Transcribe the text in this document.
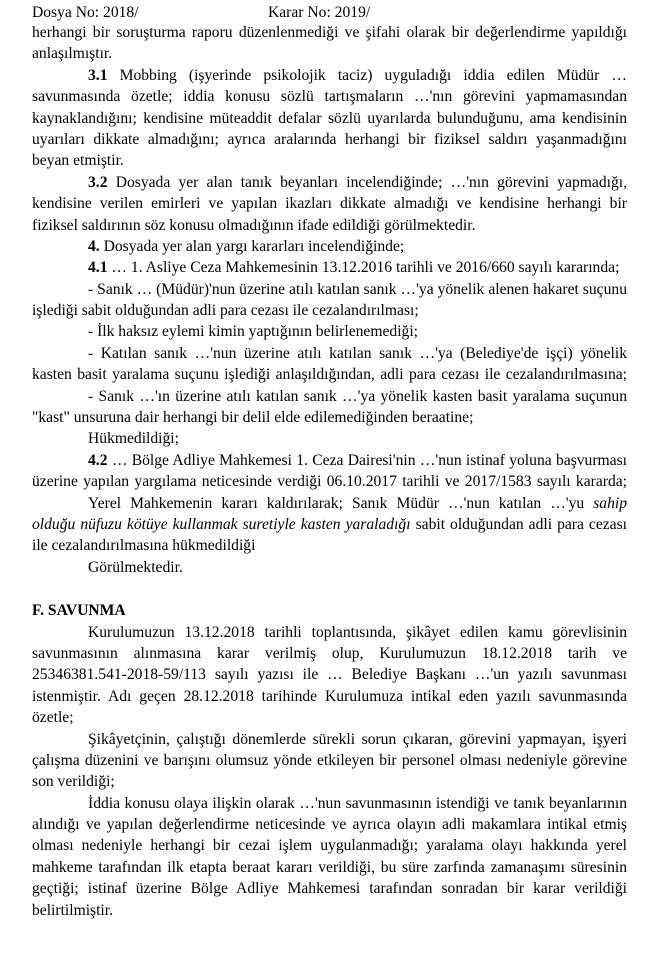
Dosya No: 2018/	Karar No: 2019/
herhangi bir soruşturma raporu düzenlenmediği ve şifahi olarak bir değerlendirme yapıldığı
anlaşılmıştır.
3.1 Mobbing (işyerinde psikolojik taciz) uyguladığı iddia edilen Müdür …
savunmasında özetle; iddia konusu sözlü tartışmaların …'nın görevini yapmamasından
kaynaklandığını; kendisine müteaddit defalar sözlü uyarılarda bulunduğunu, ama kendisinin
uyarıları dikkate almadığını; ayrıca aralarında herhangi bir fiziksel saldırı yaşanmadığını
beyan etmiştir.
3.2 Dosyada yer alan tanık beyanları incelendiğinde; …'nın görevini yapmadığı,
kendisine verilen emirleri ve yapılan ikazları dikkate almadığı ve kendisine herhangi bir
fiziksel saldırının söz konusu olmadığının ifade edildiği görülmektedir.
4. Dosyada yer alan yargı kararları incelendiğinde;
4.1 … 1. Asliye Ceza Mahkemesinin 13.12.2016 tarihli ve 2016/660 sayılı kararında;
- Sanık … (Müdür)'nun üzerine atılı katılan sanık …'ya yönelik alenen hakaret suçunu
işlediği sabit olduğundan adli para cezası ile cezalandırılması;
- İlk haksız eylemi kimin yaptığının belirlenemediği;
- Katılan sanık …'nun üzerine atılı katılan sanık …'ya (Belediye'de işçi) yönelik
kasten basit yaralama suçunu işlediği anlaşıldığından, adli para cezası ile cezalandırılmasına;
- Sanık …'ın üzerine atılı katılan sanık …'ya yönelik kasten basit yaralama suçunun
"kast" unsuruna dair herhangi bir delil elde edilemediğinden beraatine;
Hükmedildiği;
4.2 … Bölge Adliye Mahkemesi 1. Ceza Dairesi'nin …'nun istinaf yoluna başvurması
üzerine yapılan yargılama neticesinde verdiği 06.10.2017 tarihli ve 2017/1583 sayılı kararda;
Yerel Mahkemenin kararı kaldırılarak; Sanık Müdür …'nun katılan …'yu sahip
olduğu nüfuzu kötüye kullanmak suretiyle kasten yaraladığı sabit olduğundan adli para cezası
ile cezalandırılmasına hükmedildiği
Görülmektedir.
F. SAVUNMA
Kurulumuzun 13.12.2018 tarihli toplantısında, şikâyet edilen kamu görevlisinin
savunmasının alınmasına karar verilmiş olup, Kurulumuzun 18.12.2018 tarih ve
25346381.541-2018-59/113 sayılı yazısı ile … Belediye Başkanı …'un yazılı savunması
istenmiştir. Adı geçen 28.12.2018 tarihinde Kurulumuza intikal eden yazılı savunmasında
özetle;
Şikâyetçinin, çalıştığı dönemlerde sürekli sorun çıkaran, görevini yapmayan, işyeri
çalışma düzenini ve barışını olumsuz yönde etkileyen bir personel olması nedeniyle görevine
son verildiği;
İddia konusu olaya ilişkin olarak …'nun savunmasının istendiği ve tanık beyanlarının
alındığı ve yapılan değerlendirme neticesinde ve ayrıca olayın adli makamlara intikal etmiş
olması nedeniyle herhangi bir cezai işlem uygulanmadığı; yaralama olayı hakkında yerel
mahkeme tarafından ilk etapta beraat kararı verildiği, bu süre zarfında zamanaşımı süresinin
geçtiği; istinaf üzerine Bölge Adliye Mahkemesi tarafından sonradan bir karar verildiği
belirtilmiştir.
